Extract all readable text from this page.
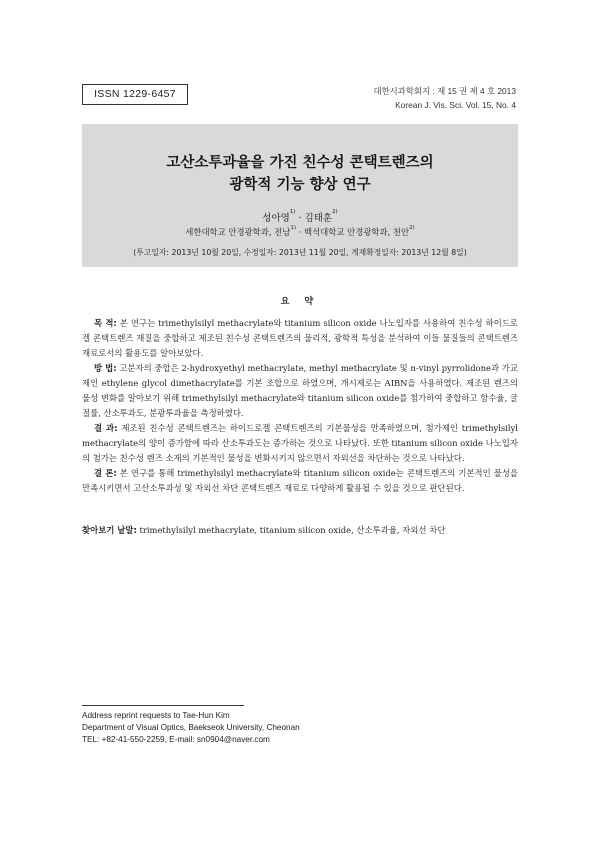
ISSN 1229-6457	대한시과학회지 : 제 15 권 제 4 호 2013
Korean J. Vis. Sci. Vol. 15, No. 4
고산소투과율을 가진 친수성 콘택트렌즈의
광학적 기능 향상 연구
성아영$^{1)}$ · 김태훈$^{2)}$
세한대학교 안경광학과, 전남$^{1)}$ · 백석대학교 안경광학과, 천안$^{2)}$
(투고일자: 2013년 10월 20일, 수정일자: 2013년 11월 20일, 게재확정일자: 2013년 12월 8일)
요 약

목 적: 본 연구는 trimethylsilyl methacrylate와 titanium silicon oxide 나노입자를 사용하여 친수성 하이드로겔 콘택트렌즈 재질을 중합하고 제조된 친수성 콘택트렌즈의 물리적, 광학적 특성을 분석하여 이들 물질들의 콘택트렌즈 재료로서의 활용도를 알아보았다.

방 법: 고분자의 중합은 2-hydroxyethyl methacrylate, methyl methacrylate 및 n-vinyl pyrrolidone과 가교제인 ethylene glycol dimethacrylate를 기본 조합으로 하였으며, 개시제로는 AIBN을 사용하였다. 제조된 렌즈의 물성 변화를 알아보기 위해 trimethylsilyl methacrylate와 titanium silicon oxide를 첨가하여 중합하고 함수율, 굴절률, 산소투과도, 분광투과율을 측정하였다.

결 과: 제조된 친수성 콘택트렌즈는 하이드로겔 콘택트렌즈의 기본물성을 만족하였으며, 첨가제인 trimethylsilyl methacrylate의 양이 증가함에 따라 산소투과도는 증가하는 것으로 나타났다. 또한 titanium silicon oxide 나노입자의 첨가는 친수성 렌즈 소재의 기본적인 물성을 변화시키지 않으면서 자외선을 차단하는 것으로 나타났다.

결 론: 본 연구를 통해 trimethylsilyl methacrylate와 titanium silicon oxide는 콘택트렌즈의 기본적인 물성을 만족시키면서 고산소투과성 및 자외선 차단 콘택트렌즈 재료로 다양하게 활용될 수 있을 것으로 판단된다.

찾아보기 낱말: trimethylsilyl methacrylate, titanium silicon oxide, 산소투과율, 자외선 차단
Address reprint requests to Tae-Hun Kim
Department of Visual Optics, Baekseok University, Cheonan
TEL: +82-41-550-2259, E-mail: sn0904@naver.com
